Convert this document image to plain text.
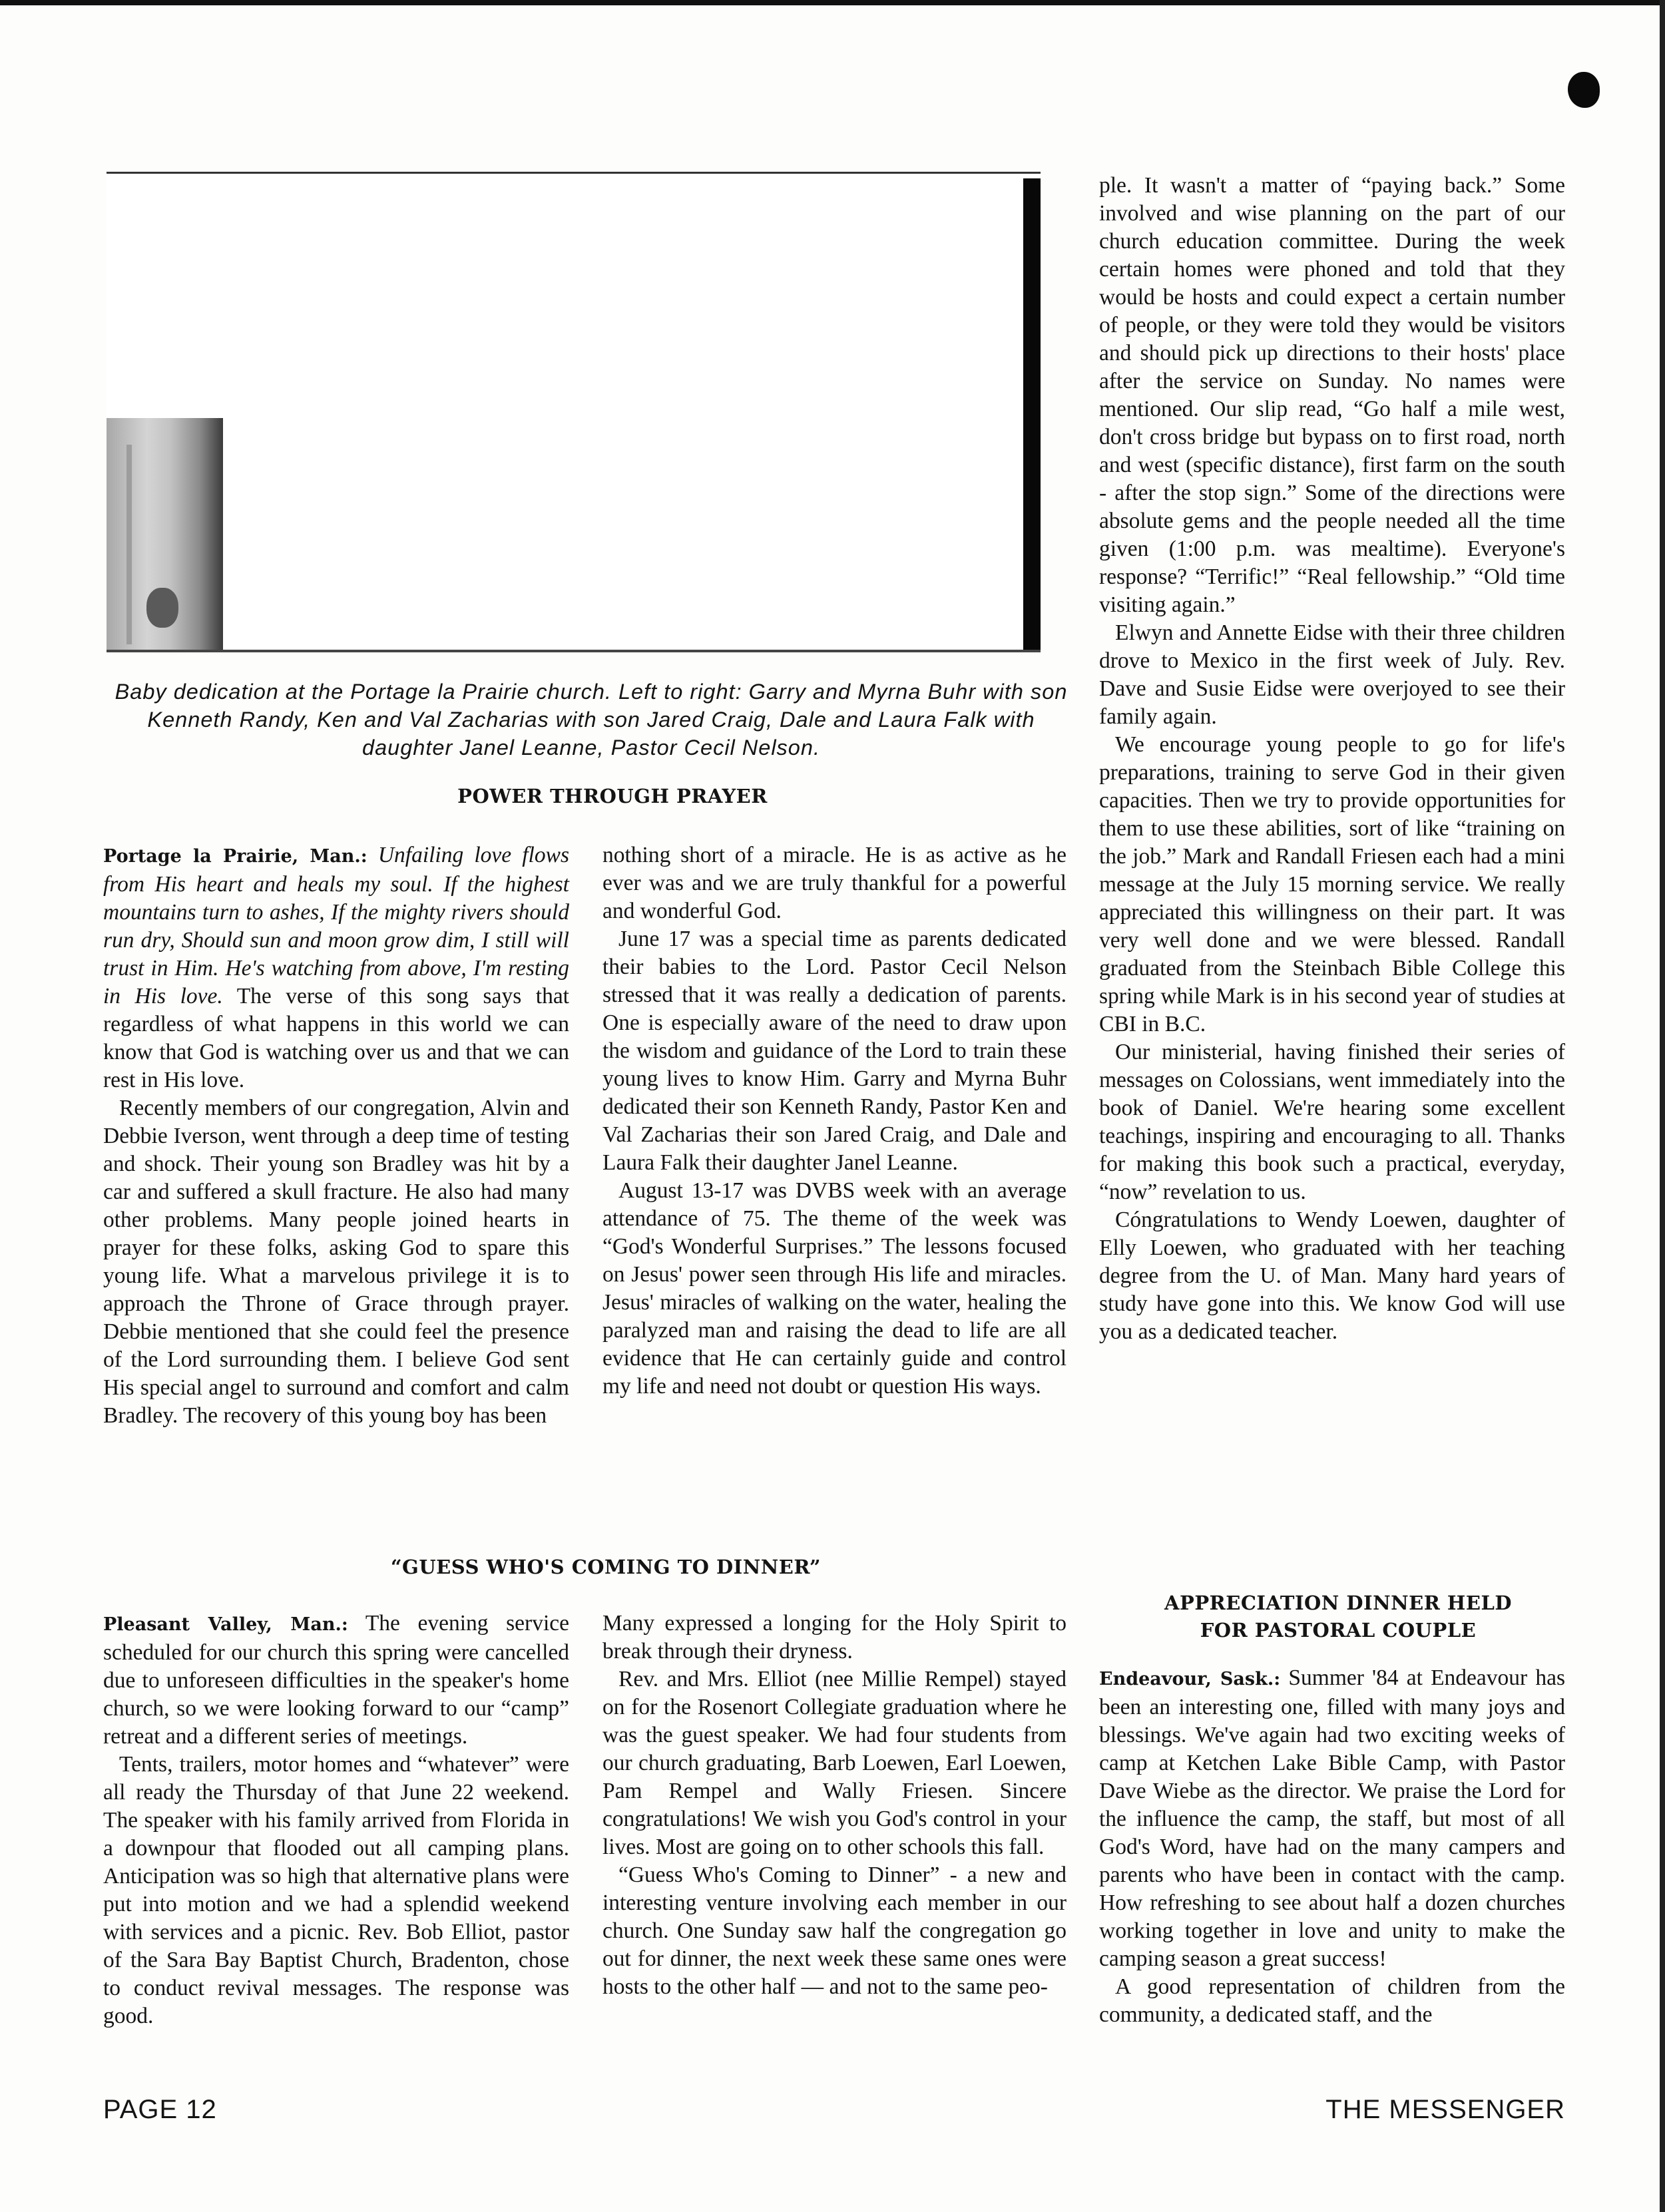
Baby dedication at the Portage la Prairie church. Left to right: Garry and Myrna Buhr with son Kenneth Randy, Ken and Val Zacharias with son Jared Craig, Dale and Laura Falk with daughter Janel Leanne, Pastor Cecil Nelson.
POWER THROUGH PRAYER

Portage la Prairie, Man.: Unfailing love flows from His heart and heals my soul. If the highest mountains turn to ashes, If the mighty rivers should run dry, Should sun and moon grow dim, I still will trust in Him. He's watching from above, I'm resting in His love. The verse of this song says that regardless of what happens in this world we can know that God is watching over us and that we can rest in His love.

Recently members of our congregation, Alvin and Debbie Iverson, went through a deep time of testing and shock. Their young son Bradley was hit by a car and suffered a skull fracture. He also had many other problems. Many people joined hearts in prayer for these folks, asking God to spare this young life. What a marvelous privilege it is to approach the Throne of Grace through prayer. Debbie mentioned that she could feel the presence of the Lord surrounding them. I believe God sent His special angel to surround and comfort and calm Bradley. The recovery of this young boy has been

nothing short of a miracle. He is as active as he ever was and we are truly thankful for a powerful and wonderful God.

June 17 was a special time as parents dedicated their babies to the Lord. Pastor Cecil Nelson stressed that it was really a dedication of parents. One is especially aware of the need to draw upon the wisdom and guidance of the Lord to train these young lives to know Him. Garry and Myrna Buhr dedicated their son Kenneth Randy, Pastor Ken and Val Zacharias their son Jared Craig, and Dale and Laura Falk their daughter Janel Leanne.

August 13-17 was DVBS week with an average attendance of 75. The theme of the week was “God's Wonderful Surprises.” The lessons focused on Jesus' power seen through His life and miracles. Jesus' miracles of walking on the water, healing the paralyzed man and raising the dead to life are all evidence that He can certainly guide and control my life and need not doubt or question His ways.

ple. It wasn't a matter of “paying back.” Some involved and wise planning on the part of our church education committee. During the week certain homes were phoned and told that they would be hosts and could expect a certain number of people, or they were told they would be visitors and should pick up directions to their hosts' place after the service on Sunday. No names were mentioned. Our slip read, “Go half a mile west, don't cross bridge but bypass on to first road, north and west (specific distance), first farm on the south - after the stop sign.” Some of the directions were absolute gems and the people needed all the time given (1:00 p.m. was mealtime). Everyone's response? “Terrific!” “Real fellowship.” “Old time visiting again.”

Elwyn and Annette Eidse with their three children drove to Mexico in the first week of July. Rev. Dave and Susie Eidse were overjoyed to see their family again.

We encourage young people to go for life's preparations, training to serve God in their given capacities. Then we try to provide opportunities for them to use these abilities, sort of like “training on the job.” Mark and Randall Friesen each had a mini message at the July 15 morning service. We really appreciated this willingness on their part. It was very well done and we were blessed. Randall graduated from the Steinbach Bible College this spring while Mark is in his second year of studies at CBI in B.C.

Our ministerial, having finished their series of messages on Colossians, went immediately into the book of Daniel. We're hearing some excellent teachings, inspiring and encouraging to all. Thanks for making this book such a practical, everyday, “now” revelation to us.

Cóngratulations to Wendy Loewen, daughter of Elly Loewen, who graduated with her teaching degree from the U. of Man. Many hard years of study have gone into this. We know God will use you as a dedicated teacher.

“GUESS WHO'S COMING TO DINNER”

Pleasant Valley, Man.: The evening service scheduled for our church this spring were cancelled due to unforeseen difficulties in the speaker's home church, so we were looking forward to our “camp” retreat and a different series of meetings.

Tents, trailers, motor homes and “whatever” were all ready the Thursday of that June 22 weekend. The speaker with his family arrived from Florida in a downpour that flooded out all camping plans. Anticipation was so high that alternative plans were put into motion and we had a splendid weekend with services and a picnic. Rev. Bob Elliot, pastor of the Sara Bay Baptist Church, Bradenton, chose to conduct revival messages. The response was good.

Many expressed a longing for the Holy Spirit to break through their dryness.

Rev. and Mrs. Elliot (nee Millie Rempel) stayed on for the Rosenort Collegiate graduation where he was the guest speaker. We had four students from our church graduating, Barb Loewen, Earl Loewen, Pam Rempel and Wally Friesen. Sincere congratulations! We wish you God's control in your lives. Most are going on to other schools this fall.

“Guess Who's Coming to Dinner” - a new and interesting venture involving each member in our church. One Sunday saw half the congregation go out for dinner, the next week these same ones were hosts to the other half — and not to the same peo-

APPRECIATION DINNER HELD
FOR PASTORAL COUPLE

Endeavour, Sask.: Summer '84 at Endeavour has been an interesting one, filled with many joys and blessings. We've again had two exciting weeks of camp at Ketchen Lake Bible Camp, with Pastor Dave Wiebe as the director. We praise the Lord for the influence the camp, the staff, but most of all God's Word, have had on the many campers and parents who have been in contact with the camp. How refreshing to see about half a dozen churches working together in love and unity to make the camping season a great success!

A good representation of children from the community, a dedicated staff, and the

PAGE 12	THE MESSENGER
